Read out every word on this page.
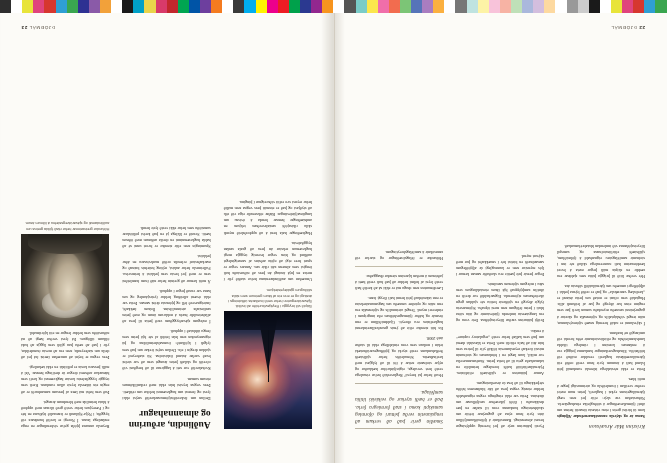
Kristinn Már Ársælsson

Sama ár og skýrsla rannsóknarnefndar Alþingis kom út birtist grein í einu virtasta tímariti heims um áhrif fjármálavæðingar á stöðugleika efnahagskerfa. Niðurstaðan var skýr: eftir því sem vægi fjármálageirans eykst í hagkerfi, þeim mun meiri verður sveiflan í framleiðslu og atvinnustigi þegar á móti blæs.

Þetta er ekki sérstaklega íslenskt vandamál þótt Ísland hafi á árunum fyrir hrun verið orðið eitt fjármálavæddasta hagkerfi veraldar miðað við höfðatölu. Efnahagsreikningur bankanna þriggja var á endanum kominn í rúmlega tífalda landsframleiðslu og eftirlitsstofnanir réðu hvorki við umfangið né hraðann.

Í skýrslunni er rakið hvernig smæð stjórnsýslunnar, náin tengsl viðskiptalífs og stjórnmála og skortur á gagnrýninni umræðu mynduðu saman kerfi þar sem enginn einn bar ábyrgð og þar af leiðandi allir. Hugtakið sem oftast er notað um þetta ástand er „kerfislæg vanræksla“ og það er orðið býsna þekkt í alþjóðlegri umræðu um fjármálaáföll síðustu ára.

Hér verður litið til þriggja þátta sem sjaldnar eru ræddir en skipta máli þegar meta á hvort lærdómurinn hafi raunverulega skilað sér inn í stofnanir samfélagsins: eignarhald á fjölmiðlum, sjálfstæði eftirlitsstofnana og samspil lífeyrissjóðanna við innlendan hlutabréfamarkað.

Fyrsti þátturinn snýr að því hvernig upplýsingar berast almenningi. Rannsóknir á fjölmiðlaumfjöllun árin fyrir hrun sýna að gagnrýnar fréttir um skuldsetningu bankanna voru til staðar en þær drukknuðu í flóði jákvæðrar umfjöllunar um útrásina. Þetta var ekki eingöngu vegna eignarhalds heldur einnig vegna þess að fáir blaðamenn höfðu sérþekkingu til að lesa úr ársreikningum.

Annar þátturinn er sjálfstæði eftirlitsins. Fjármálaeftirlitið hafði formlegar heimildir en takmarkaða getu til að beita þeim. Starfsmannavelta var mikil, laun lægri en í bönkunum og stofnunin missti ítrekað reynslumesta fólkið yfir til þeirra sem hún átti að hafa eftirlit með. Þetta er klassískt dæmi um það sem kallað hefur verið „regulatory capture“ á ensku.

Þriðji þátturinn varðar lífeyrissjóðina. Þeir voru og eru langstærstu innlendu fjárfestarnir og áttu stóra hluti í þeim félögum sem mest töpuðu. Stjórnarsetu fylgir ábyrgð en sjóðirnir beittu sér sjaldan gegn ákvörðunum stjórnenda. Eignarhaldið var dreift en áhrifin samþjöppuð hjá fáum einstaklingum sem sátu í mörgum stjórnum samtímis.

Þegar þessir þrír þættir eru skoðaðir saman kemur í ljós mynstur sem er kunnuglegt úr alþjóðlegum samanburði en birtist hér í smækkaðri og þar með skýrari mynd.

Smæðin gerir það að verkum að tengslanetin verða þéttari og óformleg samskipti koma í stað formlegra ferla. Það er bæði styrkur og veikleiki lítilla samfélaga.

Hvað hefur þá breyst? Regluverkið hefur vissulega verið hert verulega, eiginfjárkröfur hækkaðar og nýjar stofnanir settar á fót til að fylgjast með kerfisáhættu. Sömuleiðis hefur sjálfstæði Seðlabankans verið styrkt og þjóðhagsvarúðartæki tekin í notkun sem voru einfaldlega ekki til staðar árið 2008.

En hitt stendur eftir að ýmis grundvallareinkenni hagkerfisins eru óbreytt. Gjaldmiðillinn er enn örsmár og háður fjármagnshöftum eða inngripum í einhverri mynd. Tengsl atvinnulífs og stjórnmála eru enn náin og opinber umræða um hagsmunaárekstra er enn takmörkuð þótt henni hafi fleygt fram.

Lærdómurinn sem draga má er ekki sá að kerfið hafi verið leyst af hólmi heldur að það hafi verið bætt á jaðrinum á meðan kjarninn stendur óhaggaður.

Höfundur er félagsfræðingur og starfar við rannsóknir á samfélagsbreytingum.

22 ÞJÓÐMÁL

Skipið við bryggju í Reykjavíkurhöfn að kvöldi. Sjávarútvegurinn hefur verið burðarás útflutnings í áratugi og er enn ein af fáum greinum sem skila stöðugum gjaldeyristekjum.

Umræðan um auðlindarentuna hefur staðið yfir í meira en þrjá áratugi án þess að niðurstaða hafi fengist sem almenn sátt ríkir um. Annars vegar er spurt hver eigi að njóta arðsins af sameiginlegri auðlind og hins vegar hvernig tryggja megi hagkvæman rekstur án þess að grafa undan byggðafestu.

Hagfræðingar hafa bent á að uppboðsleið myndi skila ríkissjóði umtalsverðum tekjum en andstæðingar hennar benda á óvissu um langtímafjárfestingar. Báðar röksemdir eiga við rök að styðjast og það er einmitt þess vegna sem málið hefur reynst svo erfitt viðureignar í þinginu.

Auðlindin, arðurinn og almannahagur

Deilan um fiskveiðistjórnunarkerfið snýst ekki fyrst og fremst um hagkvæmni heldur um réttlæti. Þess vegna leysist hún ekki með reiknilíkönum einum saman.

Kvótakerfið var sett á laggirnar til að bregðast við ofveiði og skilaði þeim árangri sem að var stefnt hvað varðar ástand fiskistofna. Sú staðreynd er sjaldan dregin í efa. Deilan snýst frekar um það sem fylgdi í kjölfarið: framsalsheimildina og þá eignamyndun sem hún leiddi af sér hjá þeim sem fengu úthlutað í upphafi.

Í mörgum sjávarbyggðum varð þetta til þess að aflaheimildir hurfu á nokkrum árum og með þeim undirstaða atvinnulífsins. Íbúum fækkaði, fasteignaverð féll og þjónusta dróst saman. Þetta var ekki óvænt afleiðing heldur fyrirsjáanleg og um hana var varað þegar í upphafi.

Á móti kemur að greinin hefur náð fram framleiðni sem er með því besta sem þekkist á heimsvísu. Fullvinnsla hefur aukist, nýting hráefnis batnað og markaðsstarf erlendis orðið markvissara en áður þekktist.

Spurningin sem eftir stendur er hvort unnt sé að halda hagkvæmninni en dreifa arðinum með öðrum hætti. Svarið er líklega já en það krefst pólitískrar samstöðu sem hefur ekki verið fyrir hendi.

Reynsla annarra þjóða gefur vísbendingar en enga endanlega lausn. Í Noregi er kerfið bundnara við byggðir, í Nýja-Sjálandi er framsalið frjálsara en hér og í Færeyjum hefur verið gerð tilraun með uppboð á hluta heimilda með blendnum árangri.

Það sem helst má læra af þessum samanburði er að engin ein útfærsla leysir allan vandann. Kerfi sem tryggir byggðafestu kostar hagkvæmni og kerfi sem hámarkar arðsemi dregur úr dreifingu hennar. Val á milli þessara kosta er pólitískt en ekki tæknilegt.

Þess vegna er brýnt að umræðan færist frá því að deila um staðreyndir, sem eru að mestu óumdeildar, yfir í það að ræða þau gildi sem liggja að baki ólíkum tillögum. Þá fyrst verður hægt að ná niðurstöðu sem heldur lengur en eitt kjörtímabil.

Höfundur greinarinnar hefur ritað fjölda greina um auðlindamál og sjávarútvegsstefnu á liðnum árum.

ÞJÓÐMÁL 23
